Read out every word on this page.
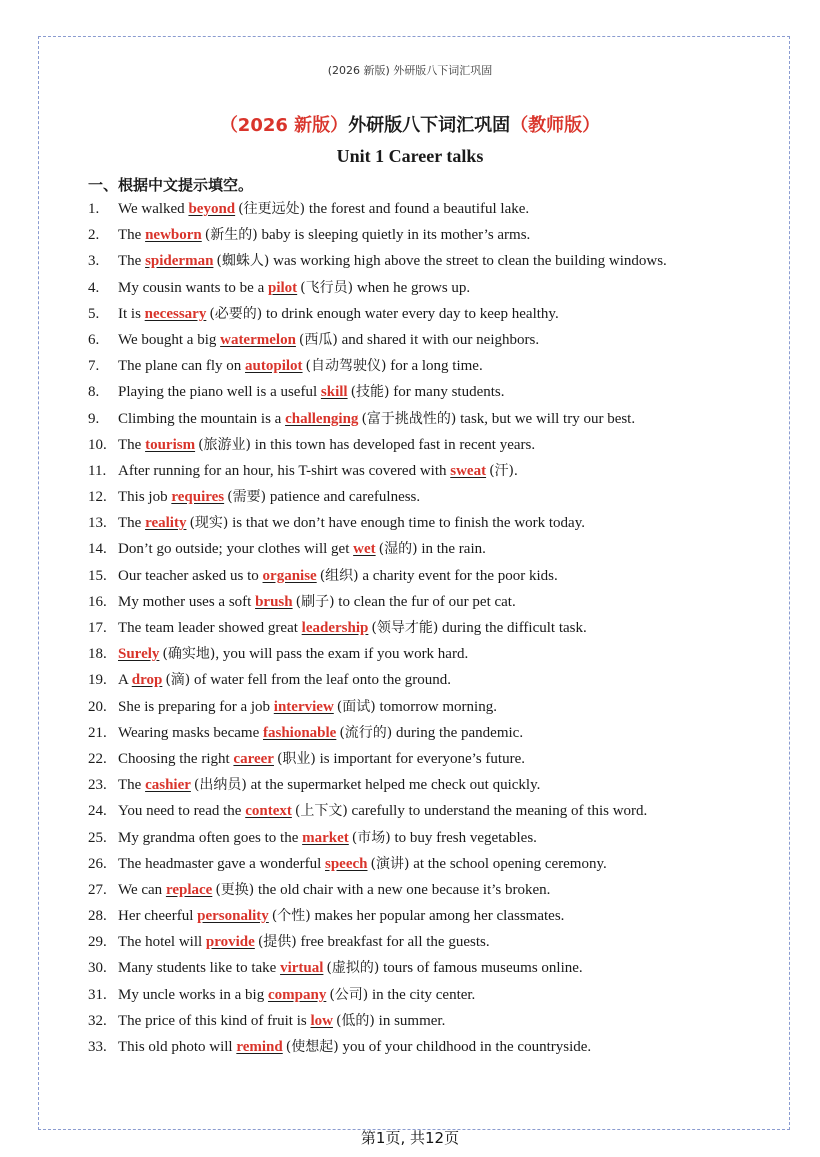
(2026 新版) 外研版八下词汇巩固
（2026 新版）外研版八下词汇巩固（教师版）
Unit 1 Career talks
一、根据中文提示填空。
1. We walked beyond (往更远处) the forest and found a beautiful lake.
2. The newborn (新生的) baby is sleeping quietly in its mother’s arms.
3. The spiderman (蜘蛛人) was working high above the street to clean the building windows.
4. My cousin wants to be a pilot (飞行员) when he grows up.
5. It is necessary (必要的) to drink enough water every day to keep healthy.
6. We bought a big watermelon (西瓜) and shared it with our neighbors.
7. The plane can fly on autopilot (自动驾驶仪) for a long time.
8. Playing the piano well is a useful skill (技能) for many students.
9. Climbing the mountain is a challenging (富于挑战性的) task, but we will try our best.
10. The tourism (旅游业) in this town has developed fast in recent years.
11. After running for an hour, his T-shirt was covered with sweat (汗).
12. This job requires (需要) patience and carefulness.
13. The reality (现实) is that we don’t have enough time to finish the work today.
14. Don’t go outside; your clothes will get wet (湿的) in the rain.
15. Our teacher asked us to organise (组织) a charity event for the poor kids.
16. My mother uses a soft brush (刷子) to clean the fur of our pet cat.
17. The team leader showed great leadership (领导才能) during the difficult task.
18. Surely (确实地), you will pass the exam if you work hard.
19. A drop (滴) of water fell from the leaf onto the ground.
20. She is preparing for a job interview (面试) tomorrow morning.
21. Wearing masks became fashionable (流行的) during the pandemic.
22. Choosing the right career (职业) is important for everyone’s future.
23. The cashier (出纳员) at the supermarket helped me check out quickly.
24. You need to read the context (上下文) carefully to understand the meaning of this word.
25. My grandma often goes to the market (市场) to buy fresh vegetables.
26. The headmaster gave a wonderful speech (演讲) at the school opening ceremony.
27. We can replace (更换) the old chair with a new one because it’s broken.
28. Her cheerful personality (个性) makes her popular among her classmates.
29. The hotel will provide (提供) free breakfast for all the guests.
30. Many students like to take virtual (虚拟的) tours of famous museums online.
31. My uncle works in a big company (公司) in the city center.
32. The price of this kind of fruit is low (低的) in summer.
33. This old photo will remind (使想起) you of your childhood in the countryside.
第1页, 共12页
